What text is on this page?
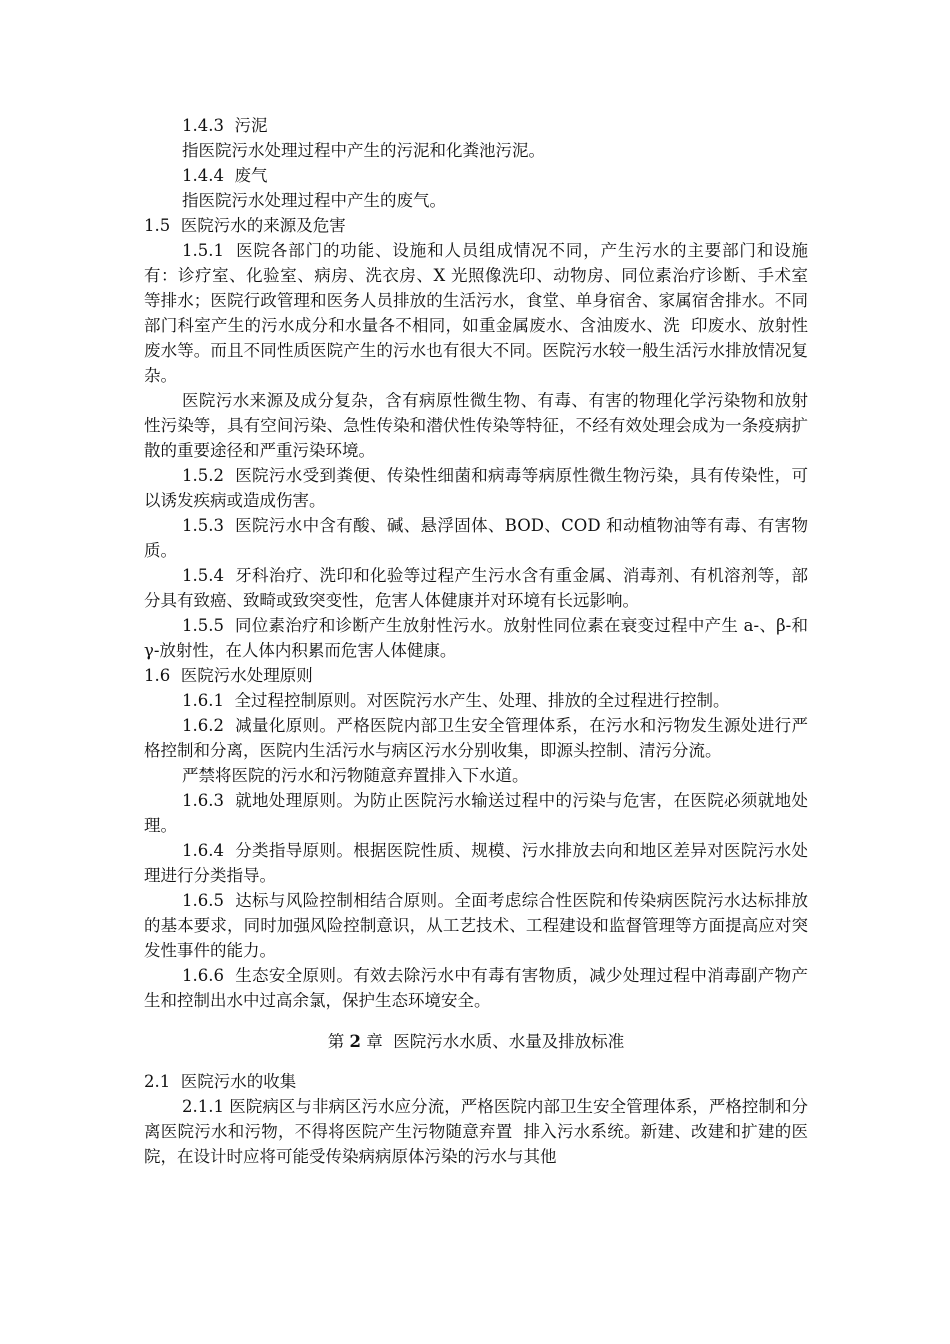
1.4.3  污泥

指医院污水处理过程中产生的污泥和化粪池污泥。

1.4.4  废气

指医院污水处理过程中产生的废气。

1.5  医院污水的来源及危害

1.5.1  医院各部门的功能、设施和人员组成情况不同，产生污水的主要部门和设施有：诊疗室、化验室、病房、洗衣房、X 光照像洗印、动物房、同位素治疗诊断、手术室  等排水；医院行政管理和医务人员排放的生活污水，食堂、单身宿舍、家属宿舍排水。不同部门科室产生的污水成分和水量各不相同，如重金属废水、含油废水、洗  印废水、放射性废水等。而且不同性质医院产生的污水也有很大不同。医院污水较一般生活污水排放情况复杂。

医院污水来源及成分复杂，含有病原性微生物、有毒、有害的物理化学污染物和放射性污染等，具有空间污染、急性传染和潜伏性传染等特征，不经有效处理会成为一条疫病扩散的重要途径和严重污染环境。

1.5.2  医院污水受到粪便、传染性细菌和病毒等病原性微生物污染，具有传染性，可以诱发疾病或造成伤害。

1.5.3  医院污水中含有酸、碱、悬浮固体、BOD、COD 和动植物油等有毒、有害物质。

1.5.4  牙科治疗、洗印和化验等过程产生污水含有重金属、消毒剂、有机溶剂等，部分具有致癌、致畸或致突变性，危害人体健康并对环境有长远影响。

1.5.5  同位素治疗和诊断产生放射性污水。放射性同位素在衰变过程中产生 a-、β-和 γ-放射性，在人体内积累而危害人体健康。

1.6  医院污水处理原则

1.6.1  全过程控制原则。对医院污水产生、处理、排放的全过程进行控制。

1.6.2  减量化原则。严格医院内部卫生安全管理体系，在污水和污物发生源处进行严格控制和分离，医院内生活污水与病区污水分别收集，即源头控制、清污分流。

严禁将医院的污水和污物随意弃置排入下水道。

1.6.3  就地处理原则。为防止医院污水输送过程中的污染与危害，在医院必须就地处理。

1.6.4  分类指导原则。根据医院性质、规模、污水排放去向和地区差异对医院污水处理进行分类指导。

1.6.5  达标与风险控制相结合原则。全面考虑综合性医院和传染病医院污水达标排放的基本要求，同时加强风险控制意识，从工艺技术、工程建设和监督管理等方面提高应对突发性事件的能力。

1.6.6  生态安全原则。有效去除污水中有毒有害物质，减少处理过程中消毒副产物产生和控制出水中过高余氯，保护生态环境安全。

第 2 章  医院污水水质、水量及排放标准

2.1  医院污水的收集

2.1.1 医院病区与非病区污水应分流，严格医院内部卫生安全管理体系，严格控制和分离医院污水和污物，不得将医院产生污物随意弃置  排入污水系统。新建、改建和扩建的医院，在设计时应将可能受传染病病原体污染的污水与其他
